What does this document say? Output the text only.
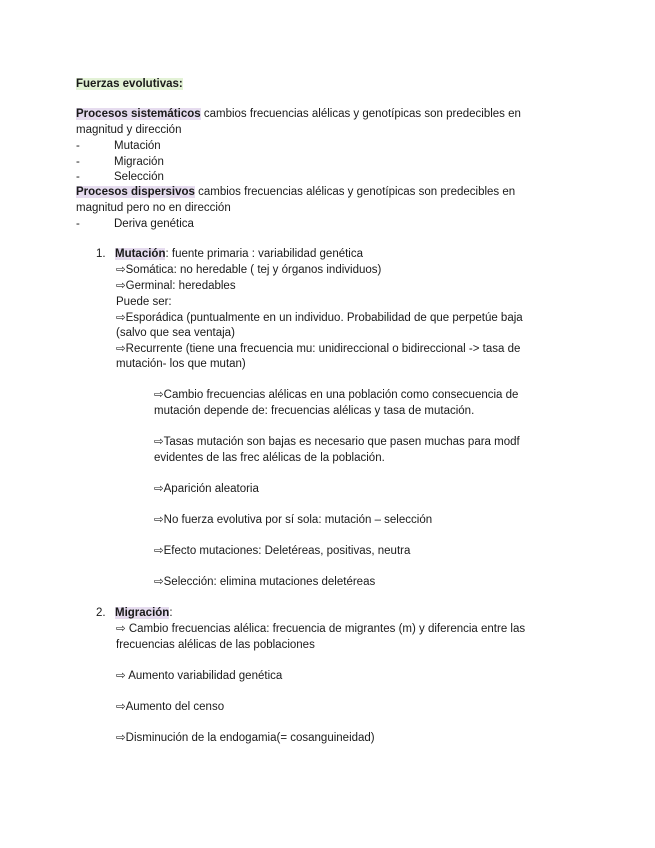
Fuerzas evolutivas:
Procesos sistemáticos cambios frecuencias alélicas y genotípicas son predecibles en
magnitud y dirección
-	Mutación
-	Migración
-	Selección
Procesos dispersivos cambios frecuencias alélicas y genotípicas son predecibles en
magnitud pero no en dirección
-	Deriva genética
1. Mutación: fuente primaria : variabilidad genética
⇨Somática: no heredable ( tej y órganos individuos)
⇨Germinal: heredables
Puede ser:
⇨Esporádica (puntualmente en un individuo. Probabilidad de que perpetúe baja
(salvo que sea ventaja)
⇨Recurrente (tiene una frecuencia mu: unidireccional o bidireccional -> tasa de
mutación- los que mutan)
⇨Cambio frecuencias alélicas en una población como consecuencia de
mutación depende de: frecuencias alélicas y tasa de mutación.
⇨Tasas mutación son bajas es necesario que pasen muchas para modf
evidentes de las frec alélicas de la población.
⇨Aparición aleatoria
⇨No fuerza evolutiva por sí sola: mutación – selección
⇨Efecto mutaciones: Deletéreas, positivas, neutra
⇨Selección: elimina mutaciones deletéreas
2. Migración:
⇨ Cambio frecuencias alélica: frecuencia de migrantes (m) y diferencia entre las
frecuencias alélicas de las poblaciones
⇨ Aumento variabilidad genética
⇨Aumento del censo
⇨Disminución de la endogamia(= cosanguineidad)
